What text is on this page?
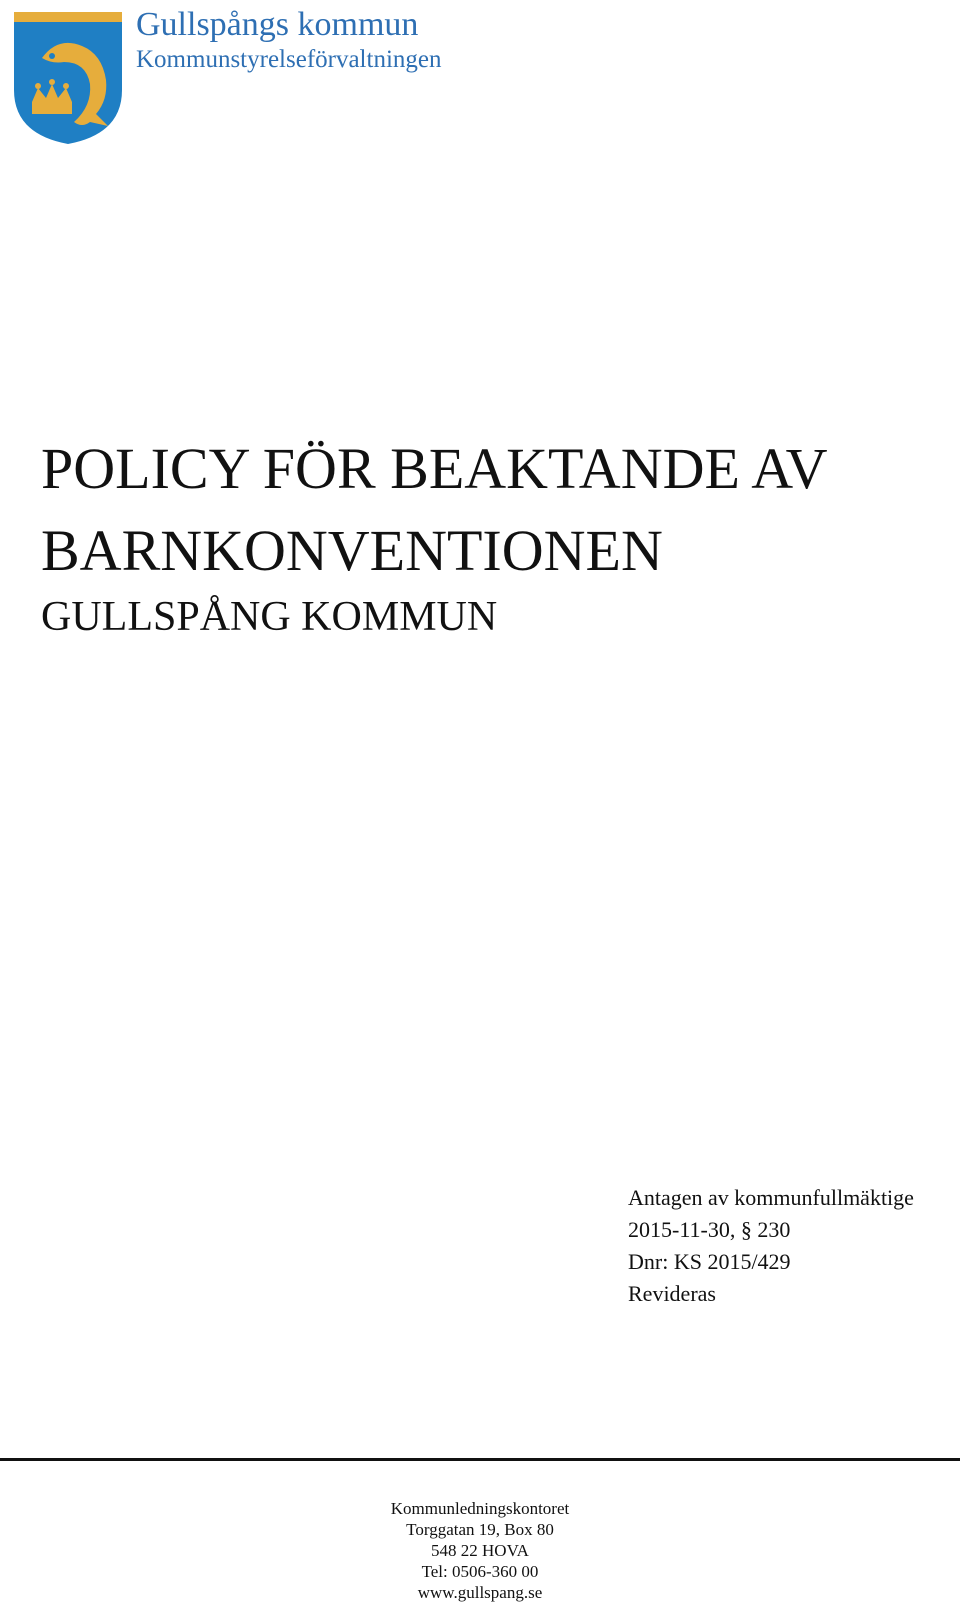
Gullspångs kommun
Kommunstyrelseförvaltningen
POLICY FÖR BEAKTANDE AV
BARNKONVENTIONEN
GULLSPÅNG KOMMUN
Antagen av kommunfullmäktige
2015-11-30, § 230
Dnr: KS 2015/429
Revideras
Kommunledningskontoret
Torggatan 19, Box 80
548 22 HOVA
Tel: 0506-360 00
www.gullspang.se
